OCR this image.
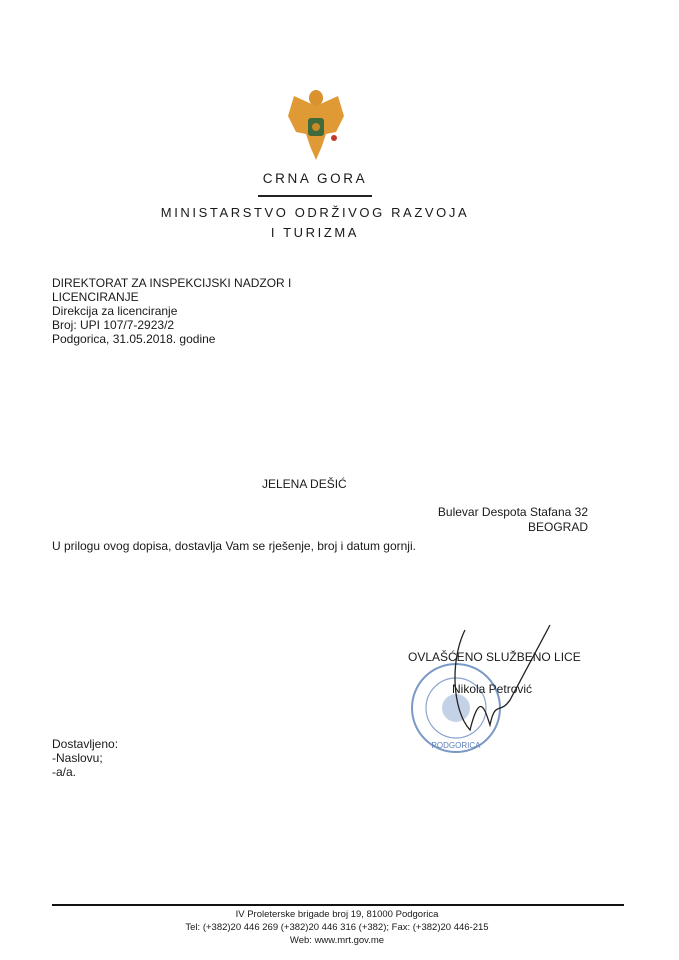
CRNA GORA
MINISTARSTVO ODRŽIVOG RAZVOJA
I TURIZMA
DIREKTORAT ZA INSPEKCIJSKI NADZOR I
LICENCIRANJE
Direkcija za licenciranje
Broj: UPI 107/7-2923/2
Podgorica, 31.05.2018. godine
JELENA DEŠIĆ
Bulevar Despota Stafana 32
BEOGRAD
U prilogu ovog dopisa, dostavlja Vam se rješenje, broj i datum gornji.
PODGORICA
OVLAŠĆENO SLUŽBENO LICE
Nikola Petrović
Dostavljeno:
-Naslovu;
-a/a.
IV Proleterske brigade broj 19, 81000 Podgorica
Tel: (+382)20 446 269 (+382)20 446 316 (+382); Fax: (+382)20 446-215
Web: www.mrt.gov.me
